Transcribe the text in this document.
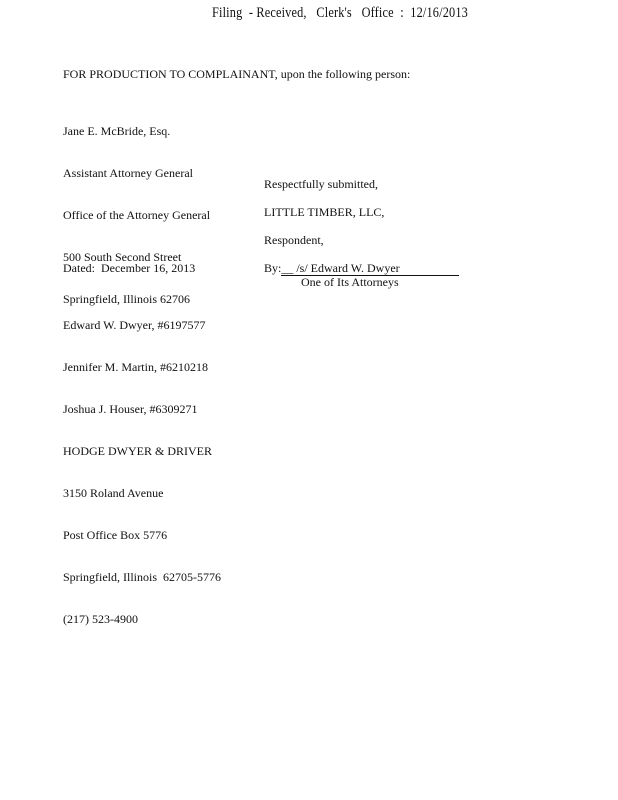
Filing  - Received,   Clerk's   Office  :  12/16/2013
FOR PRODUCTION TO COMPLAINANT, upon the following person:

Jane E. McBride, Esq.

Assistant Attorney General

Office of the Attorney General

500 South Second Street

Springfield, Illinois 62706

Respectfully submitted,
LITTLE TIMBER, LLC,
Respondent,
Dated:  December 16, 2013	By:__ /s/ Edward W. Dwyer
One of Its Attorneys

Edward W. Dwyer, #6197577

Jennifer M. Martin, #6210218

Joshua J. Houser, #6309271

HODGE DWYER & DRIVER

3150 Roland Avenue

Post Office Box 5776

Springfield, Illinois  62705-5776

(217) 523-4900
